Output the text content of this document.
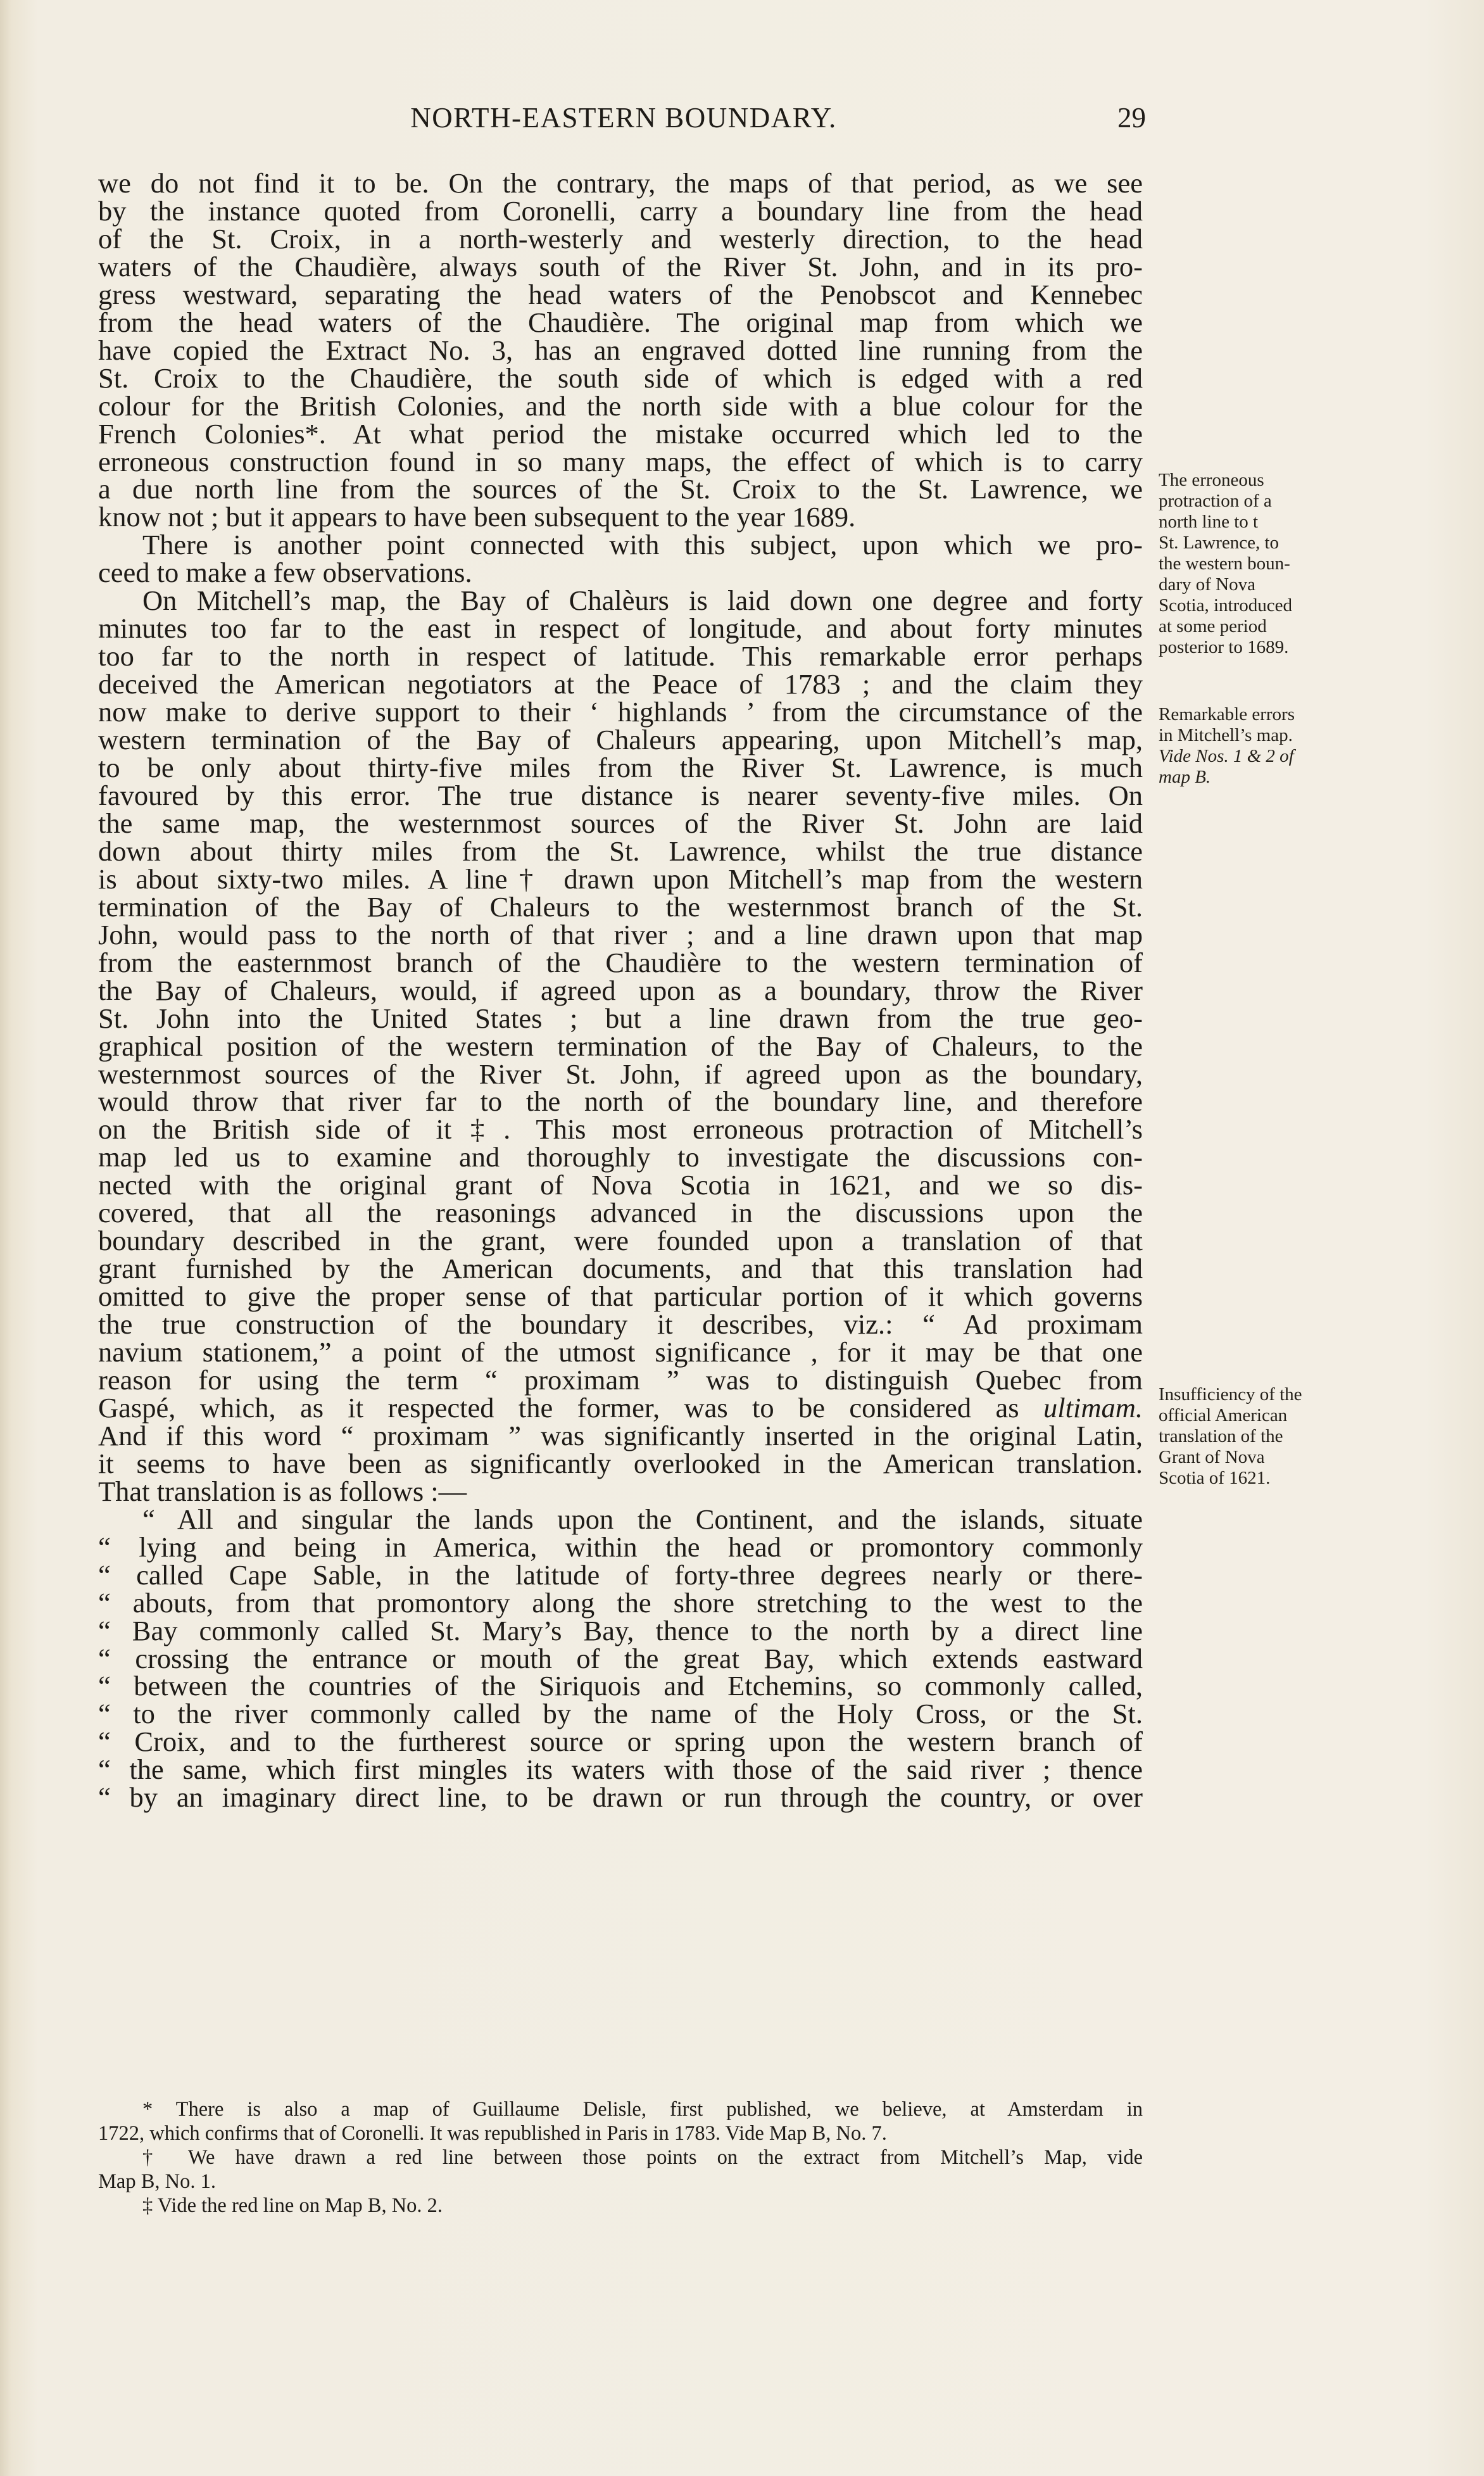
NORTH-EASTERN BOUNDARY.	29
we do not find it to be. On the contrary, the maps of that period, as we see
by the instance quoted from Coronelli, carry a boundary line from the head
of the St. Croix, in a north-westerly and westerly direction, to the head
waters of the Chaudière, always south of the River St. John, and in its pro-
gress westward, separating the head waters of the Penobscot and Kennebec
from the head waters of the Chaudière. The original map from which we
have copied the Extract No. 3, has an engraved dotted line running from the
St. Croix to the Chaudière, the south side of which is edged with a red
colour for the British Colonies, and the north side with a blue colour for the
French Colonies*. At what period the mistake occurred which led to the
erroneous construction found in so many maps, the effect of which is to carry
a due north line from the sources of the St. Croix to the St. Lawrence, we
know not ; but it appears to have been subsequent to the year 1689.
There is another point connected with this subject, upon which we pro-
ceed to make a few observations.
On Mitchell’s map, the Bay of Chalèurs is laid down one degree and forty
minutes too far to the east in respect of longitude, and about forty minutes
too far to the north in respect of latitude. This remarkable error perhaps
deceived the American negotiators at the Peace of 1783 ; and the claim they
now make to derive support to their ‘ highlands ’ from the circumstance of the
western termination of the Bay of Chaleurs appearing, upon Mitchell’s map,
to be only about thirty-five miles from the River St. Lawrence, is much
favoured by this error. The true distance is nearer seventy-five miles. On
the same map, the westernmost sources of the River St. John are laid
down about thirty miles from the St. Lawrence, whilst the true distance
is about sixty-two miles. A line† drawn upon Mitchell’s map from the western
termination of the Bay of Chaleurs to the westernmost branch of the St.
John, would pass to the north of that river ; and a line drawn upon that map
from the easternmost branch of the Chaudière to the western termination of
the Bay of Chaleurs, would, if agreed upon as a boundary, throw the River
St. John into the United States ; but a line drawn from the true geo-
graphical position of the western termination of the Bay of Chaleurs, to the
westernmost sources of the River St. John, if agreed upon as the boundary,
would throw that river far to the north of the boundary line, and therefore
on the British side of it‡. This most erroneous protraction of Mitchell’s
map led us to examine and thoroughly to investigate the discussions con-
nected with the original grant of Nova Scotia in 1621, and we so dis-
covered, that all the reasonings advanced in the discussions upon the
boundary described in the grant, were founded upon a translation of that
grant furnished by the American documents, and that this translation had
omitted to give the proper sense of that particular portion of it which governs
the true construction of the boundary it describes, viz.: “ Ad proximam
navium stationem,” a point of the utmost significance , for it may be that one
reason for using the term “ proximam ” was to distinguish Quebec from
Gaspé, which, as it respected the former, was to be considered as ultimam.
And if this word “ proximam ” was significantly inserted in the original Latin,
it seems to have been as significantly overlooked in the American translation.
That translation is as follows :—
“ All and singular the lands upon the Continent, and the islands, situate
“ lying and being in America, within the head or promontory commonly
“ called Cape Sable, in the latitude of forty-three degrees nearly or there-
“ abouts, from that promontory along the shore stretching to the west to the
“ Bay commonly called St. Mary’s Bay, thence to the north by a direct line
“ crossing the entrance or mouth of the great Bay, which extends eastward
“ between the countries of the Siriquois and Etchemins, so commonly called,
“ to the river commonly called by the name of the Holy Cross, or the St.
“ Croix, and to the furtherest source or spring upon the western branch of
“ the same, which first mingles its waters with those of the said river ; thence
“ by an imaginary direct line, to be drawn or run through the country, or over
The erroneous
protraction of a
north line to t
St. Lawrence, to
the western boun-
dary of Nova
Scotia, introduced
at some period
posterior to 1689.
Remarkable errors
in Mitchell’s map.
Vide Nos. 1 & 2 of
map B.
Insufficiency of the
official American
translation of the
Grant of Nova
Scotia of 1621.
* There is also a map of Guillaume Delisle, first published, we believe, at Amsterdam in
1722, which confirms that of Coronelli. It was republished in Paris in 1783. Vide Map B, No. 7.
† We have drawn a red line between those points on the extract from Mitchell’s Map, vide
Map B, No. 1.
‡ Vide the red line on Map B, No. 2.
